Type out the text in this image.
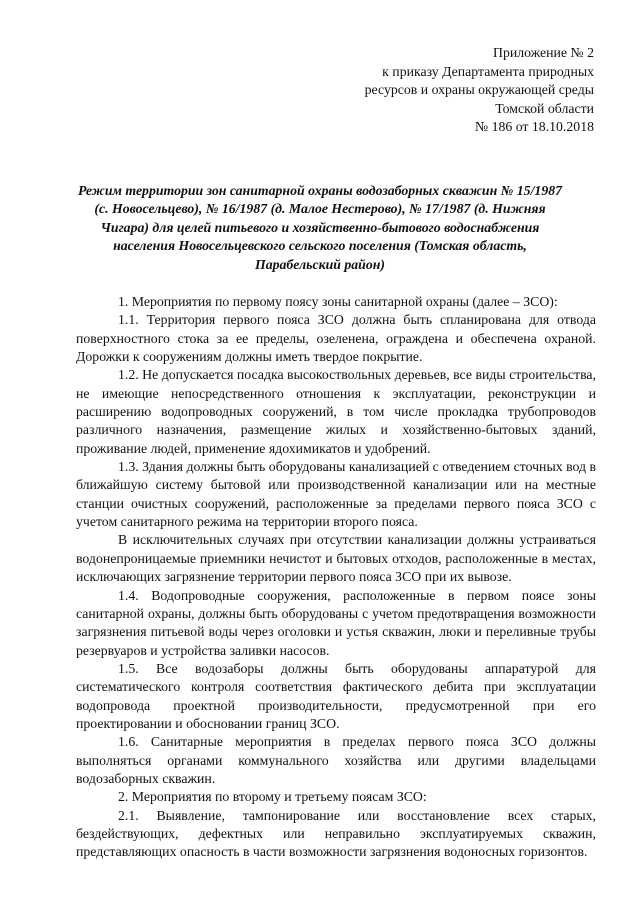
Приложение № 2
к приказу Департамента природных
ресурсов и охраны окружающей среды
Томской области
№ 186 от 18.10.2018
Режим территории зон санитарной охраны водозаборных скважин № 15/1987
(с. Новосельцево), № 16/1987 (д. Малое Нестерово), № 17/1987 (д. Нижняя
Чигара) для целей питьевого и хозяйственно-бытового водоснабжения
населения Новосельцевского сельского поселения (Томская область,
Парабельский район)

1. Мероприятия по первому поясу зоны санитарной охраны (далее – ЗСО):

1.1. Территория первого пояса ЗСО должна быть спланирована для отвода поверхностного стока за ее пределы, озеленена, ограждена и обеспечена охраной. Дорожки к сооружениям должны иметь твердое покрытие.

1.2. Не допускается посадка высокоствольных деревьев, все виды строительства, не имеющие непосредственного отношения к эксплуатации, реконструкции и расширению водопроводных сооружений, в том числе прокладка трубопроводов различного назначения, размещение жилых и хозяйственно-бытовых зданий, проживание людей, применение ядохимикатов и удобрений.

1.3. Здания должны быть оборудованы канализацией с отведением сточных вод в ближайшую систему бытовой или производственной канализации или на местные станции очистных сооружений, расположенные за пределами первого пояса ЗСО с учетом санитарного режима на территории второго пояса.

В исключительных случаях при отсутствии канализации должны устраиваться водонепроницаемые приемники нечистот и бытовых отходов, расположенные в местах, исключающих загрязнение территории первого пояса ЗСО при их вывозе.

1.4. Водопроводные сооружения, расположенные в первом поясе зоны санитарной охраны, должны быть оборудованы с учетом предотвращения возможности загрязнения питьевой воды через оголовки и устья скважин, люки и переливные трубы резервуаров и устройства заливки насосов.

1.5. Все водозаборы должны быть оборудованы аппаратурой для систематического контроля соответствия фактического дебита при эксплуатации водопровода проектной производительности, предусмотренной при его проектировании и обосновании границ ЗСО.

1.6. Санитарные мероприятия в пределах первого пояса ЗСО должны выполняться органами коммунального хозяйства или другими владельцами водозаборных скважин.

2. Мероприятия по второму и третьему поясам ЗСО:

2.1. Выявление, тампонирование или восстановление всех старых, бездействующих, дефектных или неправильно эксплуатируемых скважин, представляющих опасность в части возможности загрязнения водоносных горизонтов.
